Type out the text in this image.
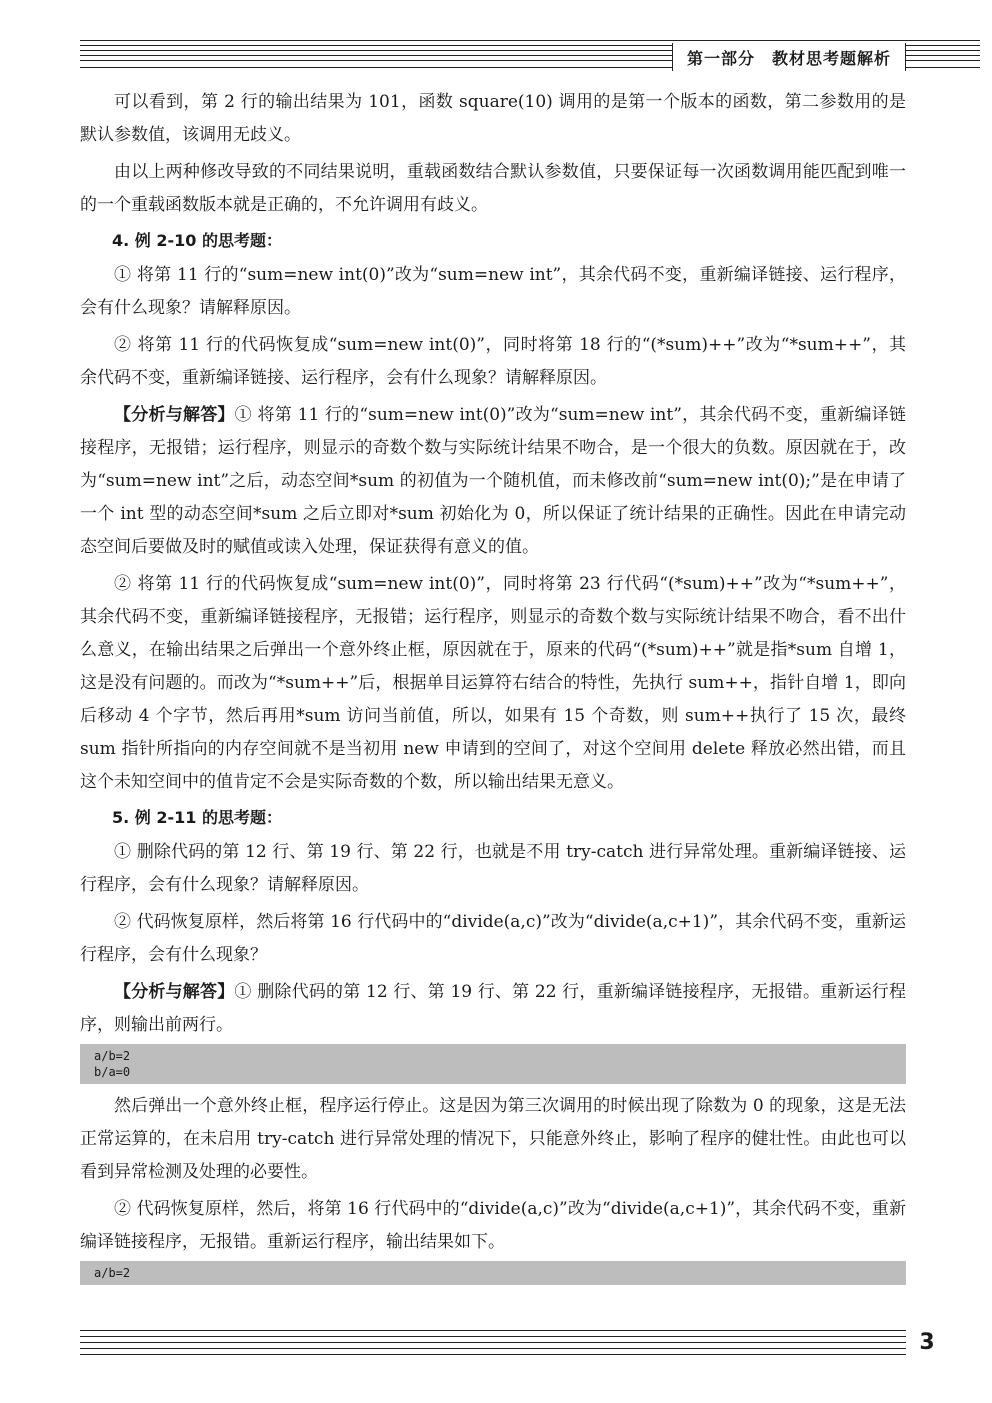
第一部分　教材思考题解析

可以看到，第 2 行的输出结果为 101，函数 square(10) 调用的是第一个版本的函数，第二参数用的是默认参数值，该调用无歧义。

由以上两种修改导致的不同结果说明，重载函数结合默认参数值，只要保证每一次函数调用能匹配到唯一的一个重载函数版本就是正确的，不允许调用有歧义。

4. 例 2-10 的思考题：

① 将第 11 行的“sum=new int(0)”改为“sum=new int”，其余代码不变，重新编译链接、运行程序，会有什么现象？请解释原因。

② 将第 11 行的代码恢复成“sum=new int(0)”，同时将第 18 行的“(*sum)++”改为“*sum++”，其余代码不变，重新编译链接、运行程序，会有什么现象？请解释原因。

【分析与解答】① 将第 11 行的“sum=new int(0)”改为“sum=new int”，其余代码不变，重新编译链接程序，无报错；运行程序，则显示的奇数个数与实际统计结果不吻合，是一个很大的负数。原因就在于，改为“sum=new int”之后，动态空间*sum 的初值为一个随机值，而未修改前“sum=new int(0);”是在申请了一个 int 型的动态空间*sum 之后立即对*sum 初始化为 0，所以保证了统计结果的正确性。因此在申请完动态空间后要做及时的赋值或读入处理，保证获得有意义的值。

② 将第 11 行的代码恢复成“sum=new int(0)”，同时将第 23 行代码“(*sum)++”改为“*sum++”，其余代码不变，重新编译链接程序，无报错；运行程序，则显示的奇数个数与实际统计结果不吻合，看不出什么意义，在输出结果之后弹出一个意外终止框，原因就在于，原来的代码“(*sum)++”就是指*sum 自增 1，这是没有问题的。而改为“*sum++”后，根据单目运算符右结合的特性，先执行 sum++，指针自增 1，即向后移动 4 个字节，然后再用*sum 访问当前值，所以，如果有 15 个奇数，则 sum++执行了 15 次，最终 sum 指针所指向的内存空间就不是当初用 new 申请到的空间了，对这个空间用 delete 释放必然出错，而且这个未知空间中的值肯定不会是实际奇数的个数，所以输出结果无意义。

5. 例 2-11 的思考题：

① 删除代码的第 12 行、第 19 行、第 22 行，也就是不用 try-catch 进行异常处理。重新编译链接、运行程序，会有什么现象？请解释原因。

② 代码恢复原样，然后将第 16 行代码中的“divide(a,c)”改为“divide(a,c+1)”，其余代码不变，重新运行程序，会有什么现象？

【分析与解答】① 删除代码的第 12 行、第 19 行、第 22 行，重新编译链接程序，无报错。重新运行程序，则输出前两行。

a/b=2
b/a=0

然后弹出一个意外终止框，程序运行停止。这是因为第三次调用的时候出现了除数为 0 的现象，这是无法正常运算的，在未启用 try-catch 进行异常处理的情况下，只能意外终止，影响了程序的健壮性。由此也可以看到异常检测及处理的必要性。

② 代码恢复原样，然后，将第 16 行代码中的“divide(a,c)”改为“divide(a,c+1)”，其余代码不变，重新编译链接程序，无报错。重新运行程序，输出结果如下。

a/b=2
3
